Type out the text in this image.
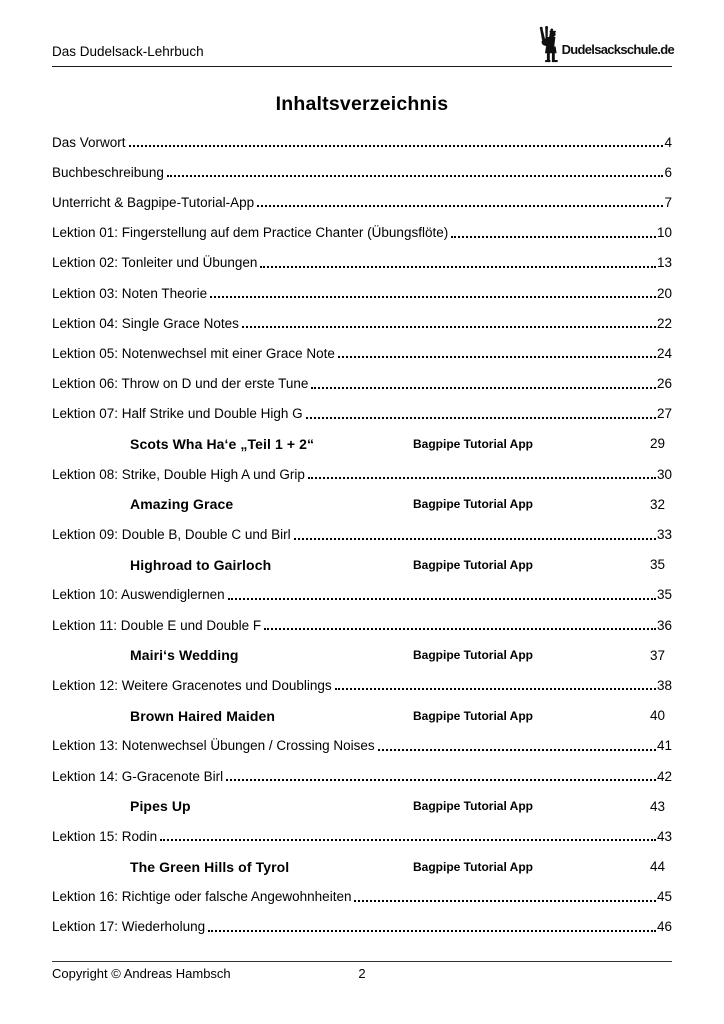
Das Dudelsack-Lehrbuch	Dudelsackschule.de
Inhaltsverzeichnis
Das Vorwort	4
Buchbeschreibung	6
Unterricht & Bagpipe-Tutorial-App	7
Lektion 01: Fingerstellung auf dem Practice Chanter (Übungsflöte)	10
Lektion 02: Tonleiter und Übungen	13
Lektion 03: Noten Theorie	20
Lektion 04: Single Grace Notes	22
Lektion 05: Notenwechsel mit einer Grace Note	24
Lektion 06: Throw on D und der erste Tune	26
Lektion 07: Half Strike und Double High G	27
Scots Wha Ha‘e „Teil 1 + 2“	Bagpipe Tutorial App	29
Lektion 08: Strike, Double High A und Grip	30
Amazing Grace	Bagpipe Tutorial App	32
Lektion 09: Double B, Double C und Birl	33
Highroad to Gairloch	Bagpipe Tutorial App	35
Lektion 10: Auswendiglernen	35
Lektion 11: Double E und Double F	36
Mairi‘s Wedding	Bagpipe Tutorial App	37
Lektion 12: Weitere Gracenotes und Doublings	38
Brown Haired Maiden	Bagpipe Tutorial App	40
Lektion 13: Notenwechsel Übungen / Crossing Noises	41
Lektion 14: G-Gracenote Birl	42
Pipes Up	Bagpipe Tutorial App	43
Lektion 15: Rodin	43
The Green Hills of Tyrol	Bagpipe Tutorial App	44
Lektion 16: Richtige oder falsche Angewohnheiten	45
Lektion 17: Wiederholung	46
Copyright © Andreas Hambsch	2
